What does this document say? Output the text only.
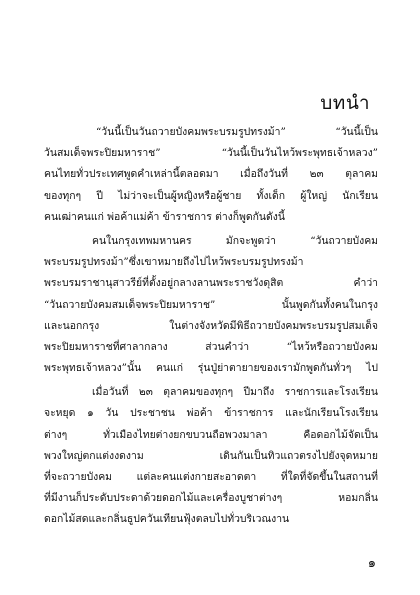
บทนำ
“วันนี้เป็นวันถวายบังคมพระบรมรูปทรงม้า” “วันนี้เป็น
วันสมเด็จพระปิยมหาราช” “วันนี้เป็นวันไหว้พระพุทธเจ้าหลวง”
คนไทยทั่วประเทศพูดคำเหล่านี้ตลอดมา เมื่อถึงวันที่ ๒๓ ตุลาคม
ของทุกๆ ปี ไม่ว่าจะเป็นผู้หญิงหรือผู้ชาย ทั้งเด็ก ผู้ใหญ่ นักเรียน
คนเฒ่าคนแก่ พ่อค้าแม่ค้า ข้าราชการ ต่างก็พูดกันดังนี้
คนในกรุงเทพมหานคร มักจะพูดว่า “วันถวายบังคม
พระบรมรูปทรงม้า”ซึ่งเขาหมายถึงไปไหว้พระบรมรูปทรงม้า
พระบรมราชานุสาวรีย์ที่ตั้งอยู่กลางลานพระราชวังดุสิต คำว่า
“วันถวายบังคมสมเด็จพระปิยมหาราช” นั้นพูดกันทั้งคนในกรุง
และนอกกรุง ในต่างจังหวัดมีพิธีถวายบังคมพระบรมรูปสมเด็จ
พระปิยมหาราชที่ศาลากลาง ส่วนคำว่า “ไหว้หรือถวายบังคม
พระพุทธเจ้าหลวง”นั้น คนแก่ รุ่นปู่ย่าตายายของเรามักพูดกันทั่วๆ ไป
เมื่อวันที่ ๒๓ ตุลาคมของทุกๆ ปีมาถึง ราชการและโรงเรียน
จะหยุด ๑ วัน ประชาชน พ่อค้า ข้าราชการ และนักเรียนโรงเรียน
ต่างๆ ทั่วเมืองไทยต่างยกขบวนถือพวงมาลา คือดอกไม้จัดเป็น
พวงใหญ่ตกแต่งงดงาม เดินกันเป็นทิวแถวตรงไปยังจุดหมาย
ที่จะถวายบังคม แต่ละคนแต่งกายสะอาดตา ที่ใดที่จัดขึ้นในสถานที่
ที่มีงานก็ประดับประดาด้วยดอกไม้และเครื่องบูชาต่างๆ หอมกลิ่น
ดอกไม้สดและกลิ่นธูปควันเทียนฟุ้งตลบไปทั่วบริเวณงาน
๑
